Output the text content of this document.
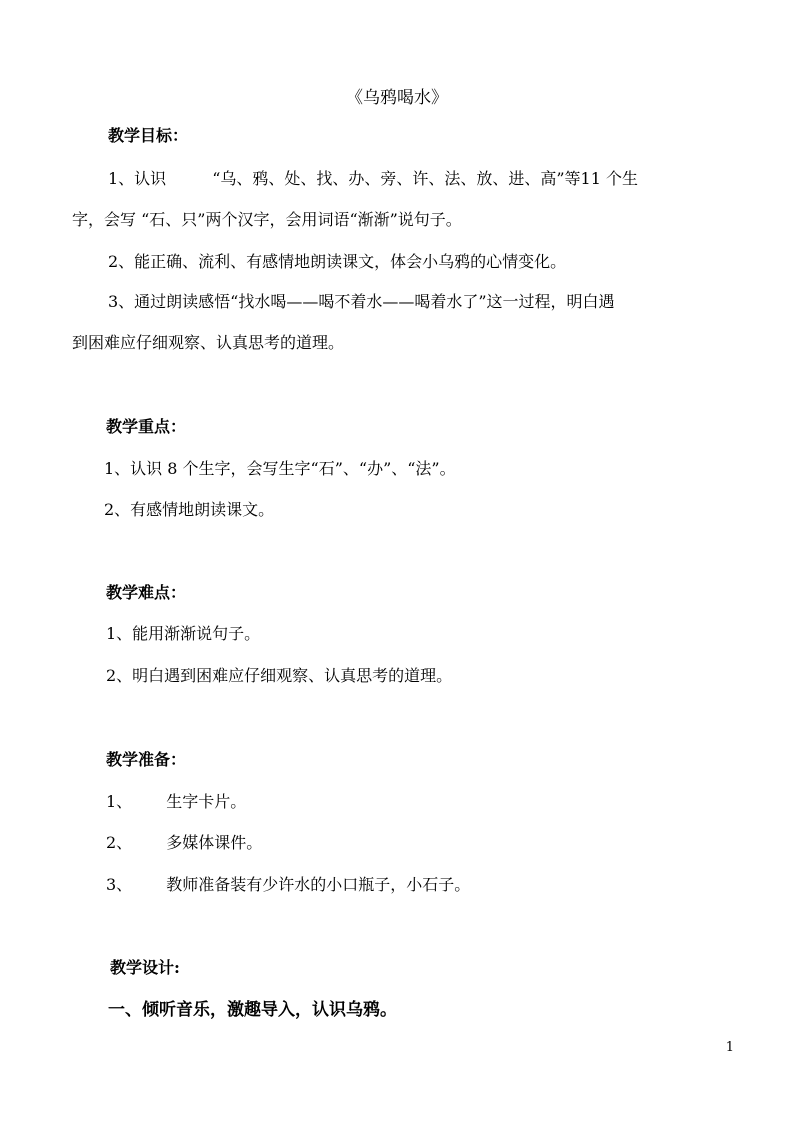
《乌鸦喝水》
教学目标：
1、认识	“乌、鸦、处、找、办、旁、许、法、放、进、高”等11 个生
字，会写 “石、只”两个汉字，会用词语“渐渐”说句子。
2、能正确、流利、有感情地朗读课文，体会小乌鸦的心情变化。
3、通过朗读感悟“找水喝——喝不着水——喝着水了”这一过程，明白遇
到困难应仔细观察、认真思考的道理。
教学重点：
1、认识 8 个生字，会写生字“石”、“办”、“法”。
2、有感情地朗读课文。
教学难点：
1、能用渐渐说句子。
2、明白遇到困难应仔细观察、认真思考的道理。
教学准备：
1、 生字卡片。
2、 多媒体课件。
3、 教师准备装有少许水的小口瓶子，小石子。
教学设计:
一、倾听音乐，激趣导入，认识乌鸦。
1
